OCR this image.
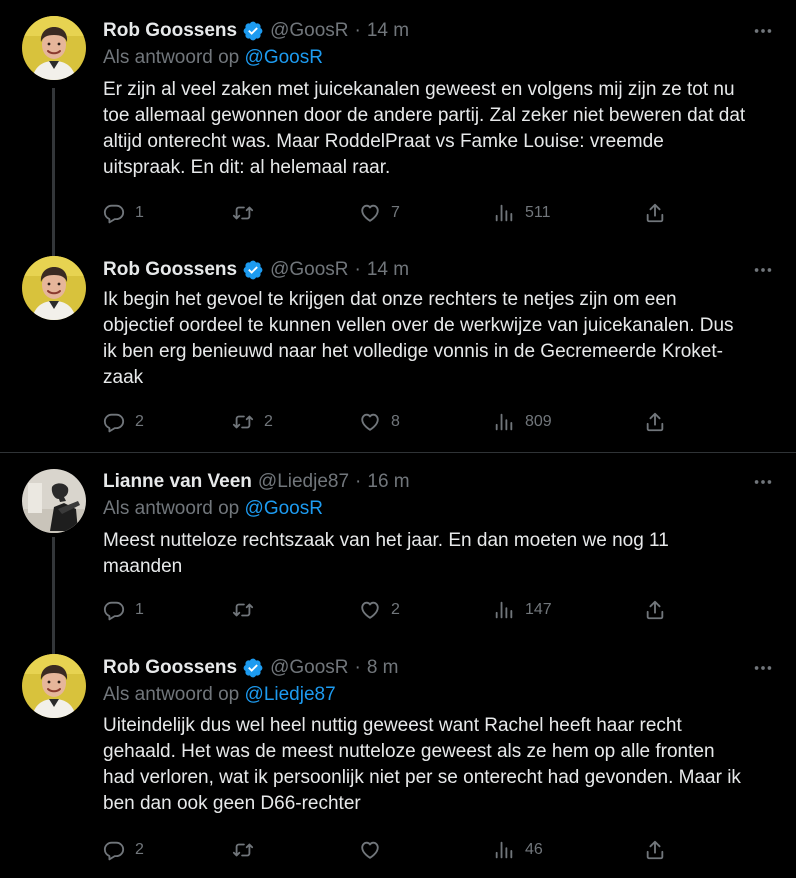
Rob Goossens @GoosR · 14 m
Als antwoord op @GoosR
Er zijn al veel zaken met juicekanalen geweest en volgens mij zijn ze tot nu
toe allemaal gewonnen door de andere partij. Zal zeker niet beweren dat dat
altijd onterecht was. Maar RoddelPraat vs Famke Louise: vreemde
uitspraak. En dit: al helemaal raar.
1	7	511
Rob Goossens @GoosR · 14 m
Ik begin het gevoel te krijgen dat onze rechters te netjes zijn om een
objectief oordeel te kunnen vellen over de werkwijze van juicekanalen. Dus
ik ben erg benieuwd naar het volledige vonnis in de Gecremeerde Kroket-
zaak
2	2	8	809
Lianne van Veen @Liedje87 · 16 m
Als antwoord op @GoosR
Meest nutteloze rechtszaak van het jaar. En dan moeten we nog 11
maanden
1	2	147
Rob Goossens @GoosR · 8 m
Als antwoord op @Liedje87
Uiteindelijk dus wel heel nuttig geweest want Rachel heeft haar recht
gehaald. Het was de meest nutteloze geweest als ze hem op alle fronten
had verloren, wat ik persoonlijk niet per se onterecht had gevonden. Maar ik
ben dan ook geen D66-rechter
2	46
